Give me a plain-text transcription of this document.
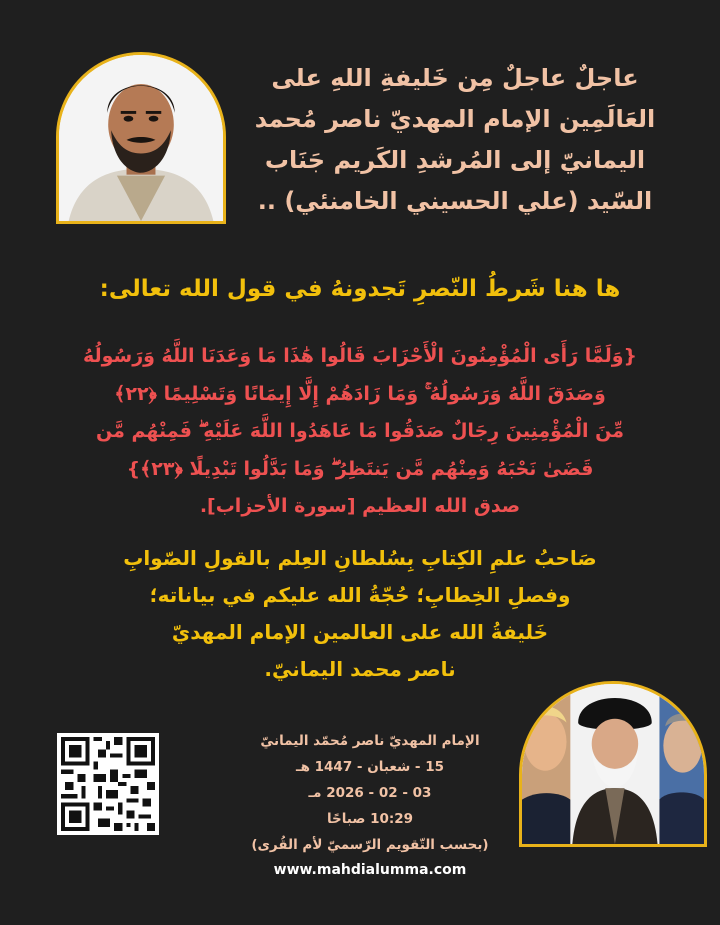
عاجلٌ عاجلٌ مِن خَليفةِ اللهِ على
العَالَمِين الإمام المهديّ ناصر مُحمد
اليمانيّ إلى المُرشدِ الكَريم جَنَاب
السّيد (علي الحسيني الخامنئي) ..
ها هنا شَرطُ النّصرِ تَجدونهُ في قول الله تعالى:
{وَلَمَّا رَأَى الْمُؤْمِنُونَ الْأَحْزَابَ قَالُوا هَٰذَا مَا وَعَدَنَا اللَّهُ وَرَسُولُهُ
وَصَدَقَ اللَّهُ وَرَسُولُهُ ۚ وَمَا زَادَهُمْ إِلَّا إِيمَانًا وَتَسْلِيمًا ﴿٢٢﴾
مِّنَ الْمُؤْمِنِينَ رِجَالٌ صَدَقُوا مَا عَاهَدُوا اللَّهَ عَلَيْهِ ۖ فَمِنْهُم مَّن
قَضَىٰ نَحْبَهُ وَمِنْهُم مَّن يَنتَظِرُ ۖ وَمَا بَدَّلُوا تَبْدِيلًا ﴿٢٣﴾}
صدق الله العظيم [سورة الأحزاب].
صَاحبُ علمِ الكِتابِ بِسُلطانِ العِلم بالقولِ الصّوابِ
وفصلِ الخِطابِ؛ حُجّةُ الله عليكم في بياناته؛
خَليفةُ الله على العالمين الإمام المهديّ
ناصر محمد اليمانيّ.
الإمام المهديّ ناصر مُحمّد اليمانيّ
15 - شعبان - 1447 هـ
03 - 02 - 2026 مـ
10:29 صباحًا
(بحسب التّقويم الرّسميّ لأم القُرى)
www.mahdialumma.com
